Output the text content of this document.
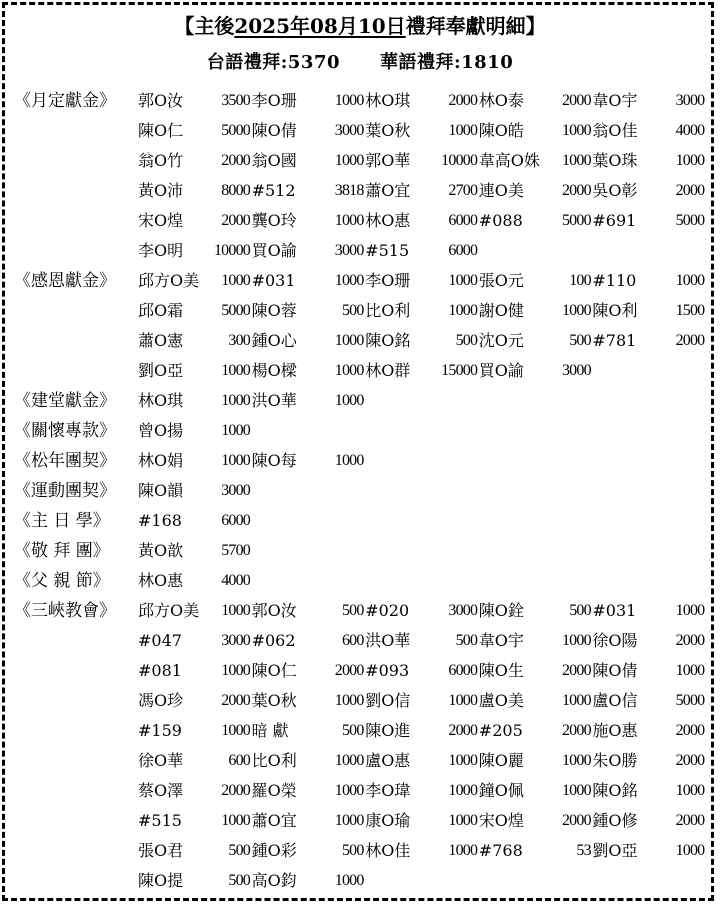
【主後2025年08月10日禮拜奉獻明細】
台語禮拜:5370 華語禮拜:1810
《月定獻金》 郭O汝	3500 李O珊	1000 林O琪	2000 林O泰	2000 韋O宇	3000
陳O仁	5000 陳O倩	3000 葉O秋	1000 陳O皓	1000 翁O佳	4000
翁O竹	2000 翁O國	1000 郭O華	10000 韋高O姝	1000 葉O珠	1000
黃O沛	8000 #512	3818 蕭O宜	2700 連O美	2000 吳O彰	2000
宋O煌	2000 龔O玲	1000 林O惠	6000 #088	5000 #691	5000
李O明	10000 買O諭	3000 #515	6000
《感恩獻金》 邱方O美	1000 #031	1000 李O珊	1000 張O元	100 #110	1000
邱O霜	5000 陳O蓉	500 比O利	1000 謝O健	1000 陳O利	1500
蕭O憲	300 鍾O心	1000 陳O銘	500 沈O元	500 #781	2000
劉O亞	1000 楊O樑	1000 林O群	15000 買O諭	3000
《建堂獻金》 林O琪	1000 洪O華	1000
《關懷專款》 曾O揚	1000
《松年團契》 林O娟	1000 陳O每	1000
《運動團契》 陳O韻	3000
《主 日 學》 #168	6000
《敬 拜 團》 黃O歆	5700
《父 親 節》 林O惠	4000
《三峽教會》 邱方O美	1000 郭O汝	500 #020	3000 陳O銓	500 #031	1000
#047	3000 #062	600 洪O華	500 韋O宇	1000 徐O陽	2000
#081	1000 陳O仁	2000 #093	6000 陳O生	2000 陳O倩	1000
馮O珍	2000 葉O秋	1000 劉O信	1000 盧O美	1000 盧O信	5000
#159	1000 暗 獻	500 陳O進	2000 #205	2000 施O惠	2000
徐O華	600 比O利	1000 盧O惠	1000 陳O麗	1000 朱O勝	2000
蔡O澤	2000 羅O榮	1000 李O瑋	1000 鐘O佩	1000 陳O銘	1000
#515	1000 蕭O宜	1000 康O瑜	1000 宋O煌	2000 鍾O修	2000
張O君	500 鍾O彩	500 林O佳	1000 #768	53 劉O亞	1000
陳O提	500 高O鈞	1000
